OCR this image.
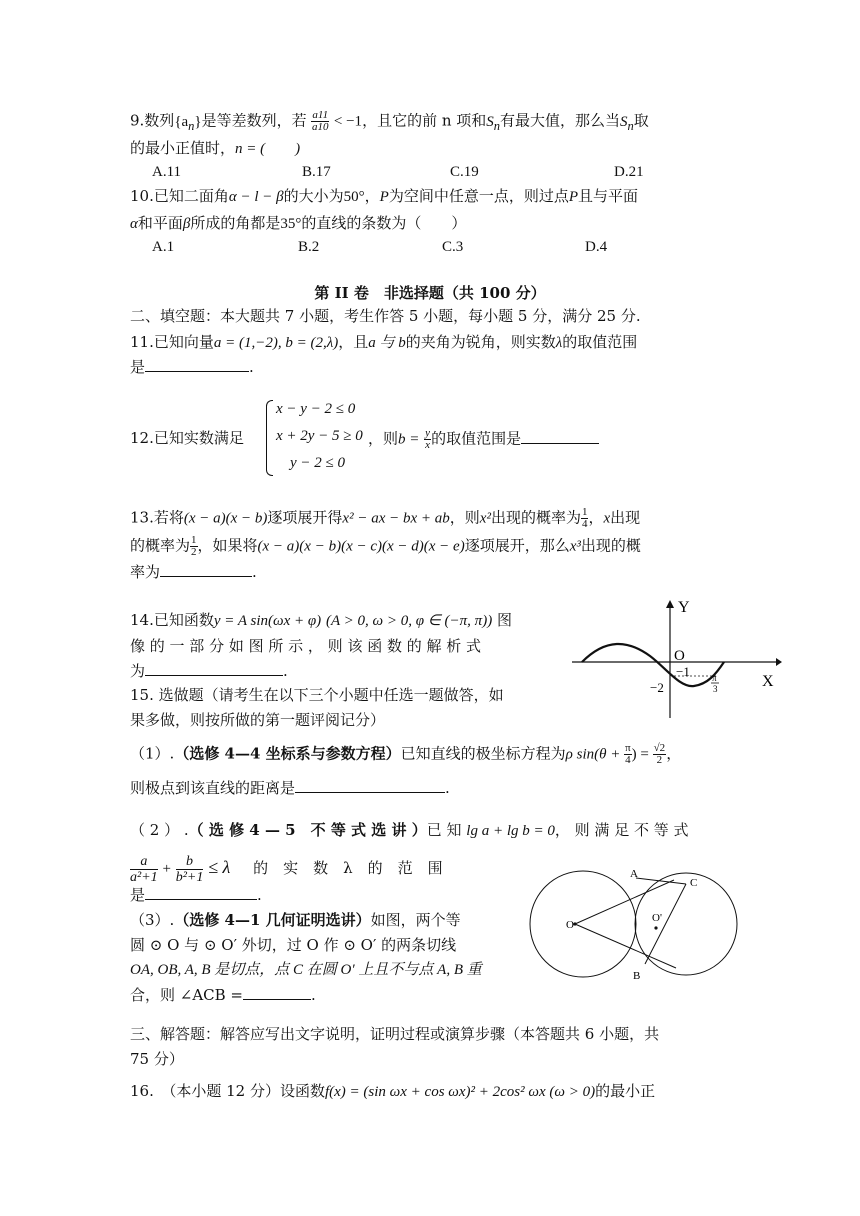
9.数列$\{a_n\}$是等差数列，若 $\frac{a11}{a10} < -1$，且它的前 n 项和$S_n$有最大值，那么当$S_n$取
的最小正值时，n = (　　)
A.11	B.17	C.19	D.21
10.已知二面角α − l − β的大小为50°，P为空间中任意一点，则过点P且与平面
α和平面β所成的角都是35°的直线的条数为（　　）
A.1	B.2	C.3	D.4
第 II 卷　非选择题（共 100 分）
二、填空题：本大题共 7 小题，考生作答 5 小题，每小题 5 分，满分 25 分.
11.已知向量a = (1,−2), b = (2,λ)，且a 与 b的夹角为锐角，则实数λ的取值范围
是	.
12.已知实数满足
x − y − 2 ≤ 0
x + 2y − 5 ≥ 0
y − 2 ≤ 0
，则$b = \frac{y}{x}$ 的取值范围是
13.若将(x − a)(x − b)逐项展开得x² − ax − bx + ab，则x²出现的概率为 $\frac{1}{4}$ ，x出现
的概率为 $\frac{1}{2}$ ，如果将(x − a)(x − b)(x − c)(x − d)(x − e)逐项展开，那么x³出现的概
率为	.
14.已知函数y = A sin(ωx + φ) (A > 0, ω > 0, φ ∈ (−π, π)) 图
像 的 一 部 分 如 图 所 示 ， 则 该 函 数 的 解 析 式
为	.
Y
X
O
−1
−2
π
3
15. 选做题（请考生在以下三个小题中任选一题做答，如
果多做，则按所做的第一题评阅记分）
（1）.（选修 4—4 坐标系与参数方程）已知直线的极坐标方程为ρ $\sin(\theta + \frac{\pi}{4}$ ) = $\frac{√2}{2}$ ，
则极点到该直线的距离是	.
（ 2 ） .（ 选 修 4 — 5　不 等 式 选 讲 ）已 知 lg a + lg b = 0， 则 满 足 不 等 式
$\frac{a}{\text{a²+1}} + \frac{b}{\text{b²+1}} \le \lambda$ 的　实　数　λ　的　范　围
是	.
（3）.（选修 4—1 几何证明选讲）如图，两个等
圆 ⊙ O 与 ⊙ O′ 外切，过 O 作 ⊙ O′ 的两条切线
OA, OB, A, B 是切点，点 C 在圆 O′ 上且不与点 A, B 重
合，则 ∠ACB =	.
O
O'
A
C
B
三、解答题：解答应写出文字说明，证明过程或演算步骤（本答题共 6 小题，共
75 分）
16.　（本小题 12 分）设函数f(x) = (sin ωx + cos ωx)² + 2cos² ωx (ω > 0)的最小正
